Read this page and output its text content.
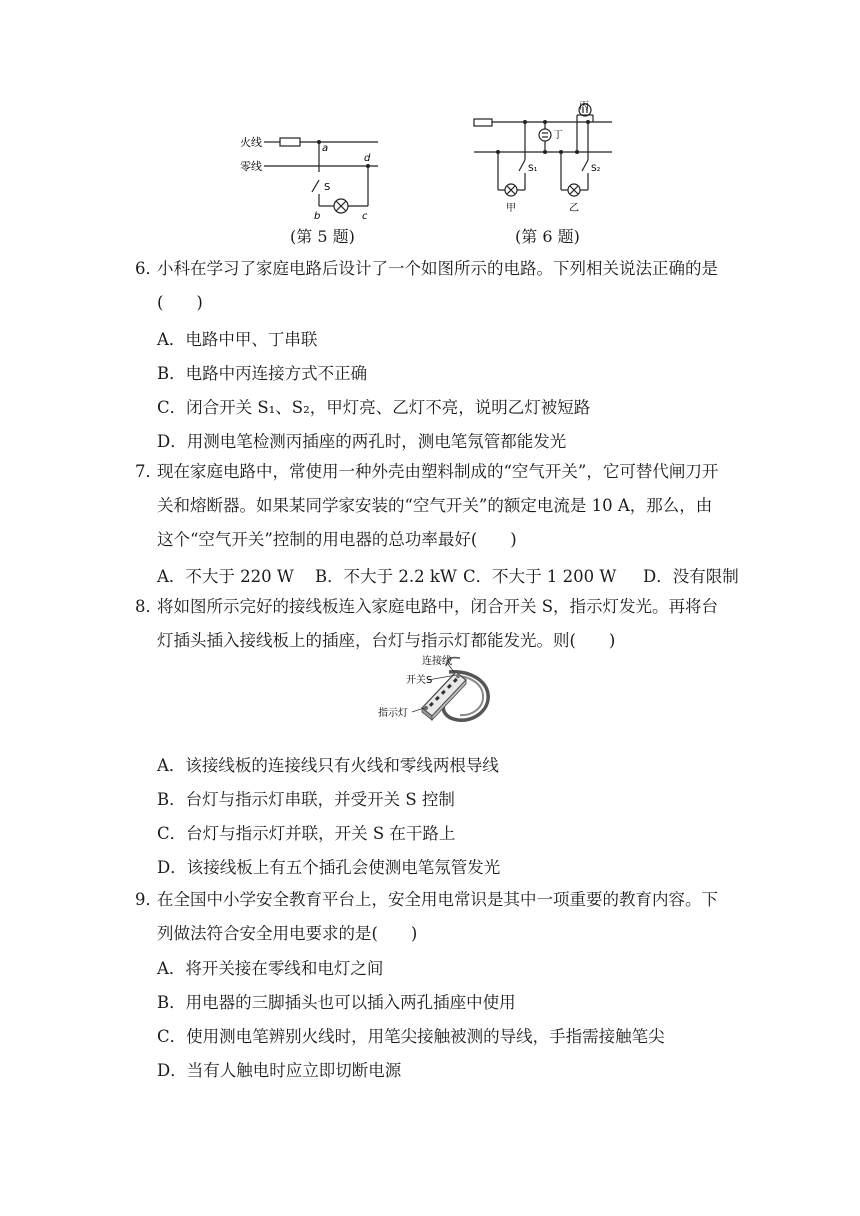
火线
零线
a
d
S
b	c
(第 5 题)
丙
丁
S₁	S₂
甲	乙
(第 6 题)
6．
小科在学习了家庭电路后设计了一个如图所示的电路。下列相关说法正确的是
(　　)
A．电路中甲、丁串联
B．电路中丙连接方式不正确
C．闭合开关 S₁、S₂，甲灯亮、乙灯不亮，说明乙灯被短路
D．用测电笔检测丙插座的两孔时，测电笔氖管都能发光
7．
现在家庭电路中，常使用一种外壳由塑料制成的“空气开关”，它可替代闸刀开
关和熔断器。如果某同学家安装的“空气开关”的额定电流是 10 A，那么，由
这个“空气开关”控制的用电器的总功率最好(　　)
A．不大于 220 W B．不大于 2.2 kW C．不大于 1 200 W D．没有限制
8．
将如图所示完好的接线板连入家庭电路中，闭合开关 S，指示灯发光。再将台
灯插头插入接线板上的插座，台灯与指示灯都能发光。则(　　)
连接线
开关S
指示灯
A．该接线板的连接线只有火线和零线两根导线
B．台灯与指示灯串联，并受开关 S 控制
C．台灯与指示灯并联，开关 S 在干路上
D．该接线板上有五个插孔会使测电笔氖管发光
9．
在全国中小学安全教育平台上，安全用电常识是其中一项重要的教育内容。下
列做法符合安全用电要求的是(　　)
A．将开关接在零线和电灯之间
B．用电器的三脚插头也可以插入两孔插座中使用
C．使用测电笔辨别火线时，用笔尖接触被测的导线，手指需接触笔尖
D．当有人触电时应立即切断电源
